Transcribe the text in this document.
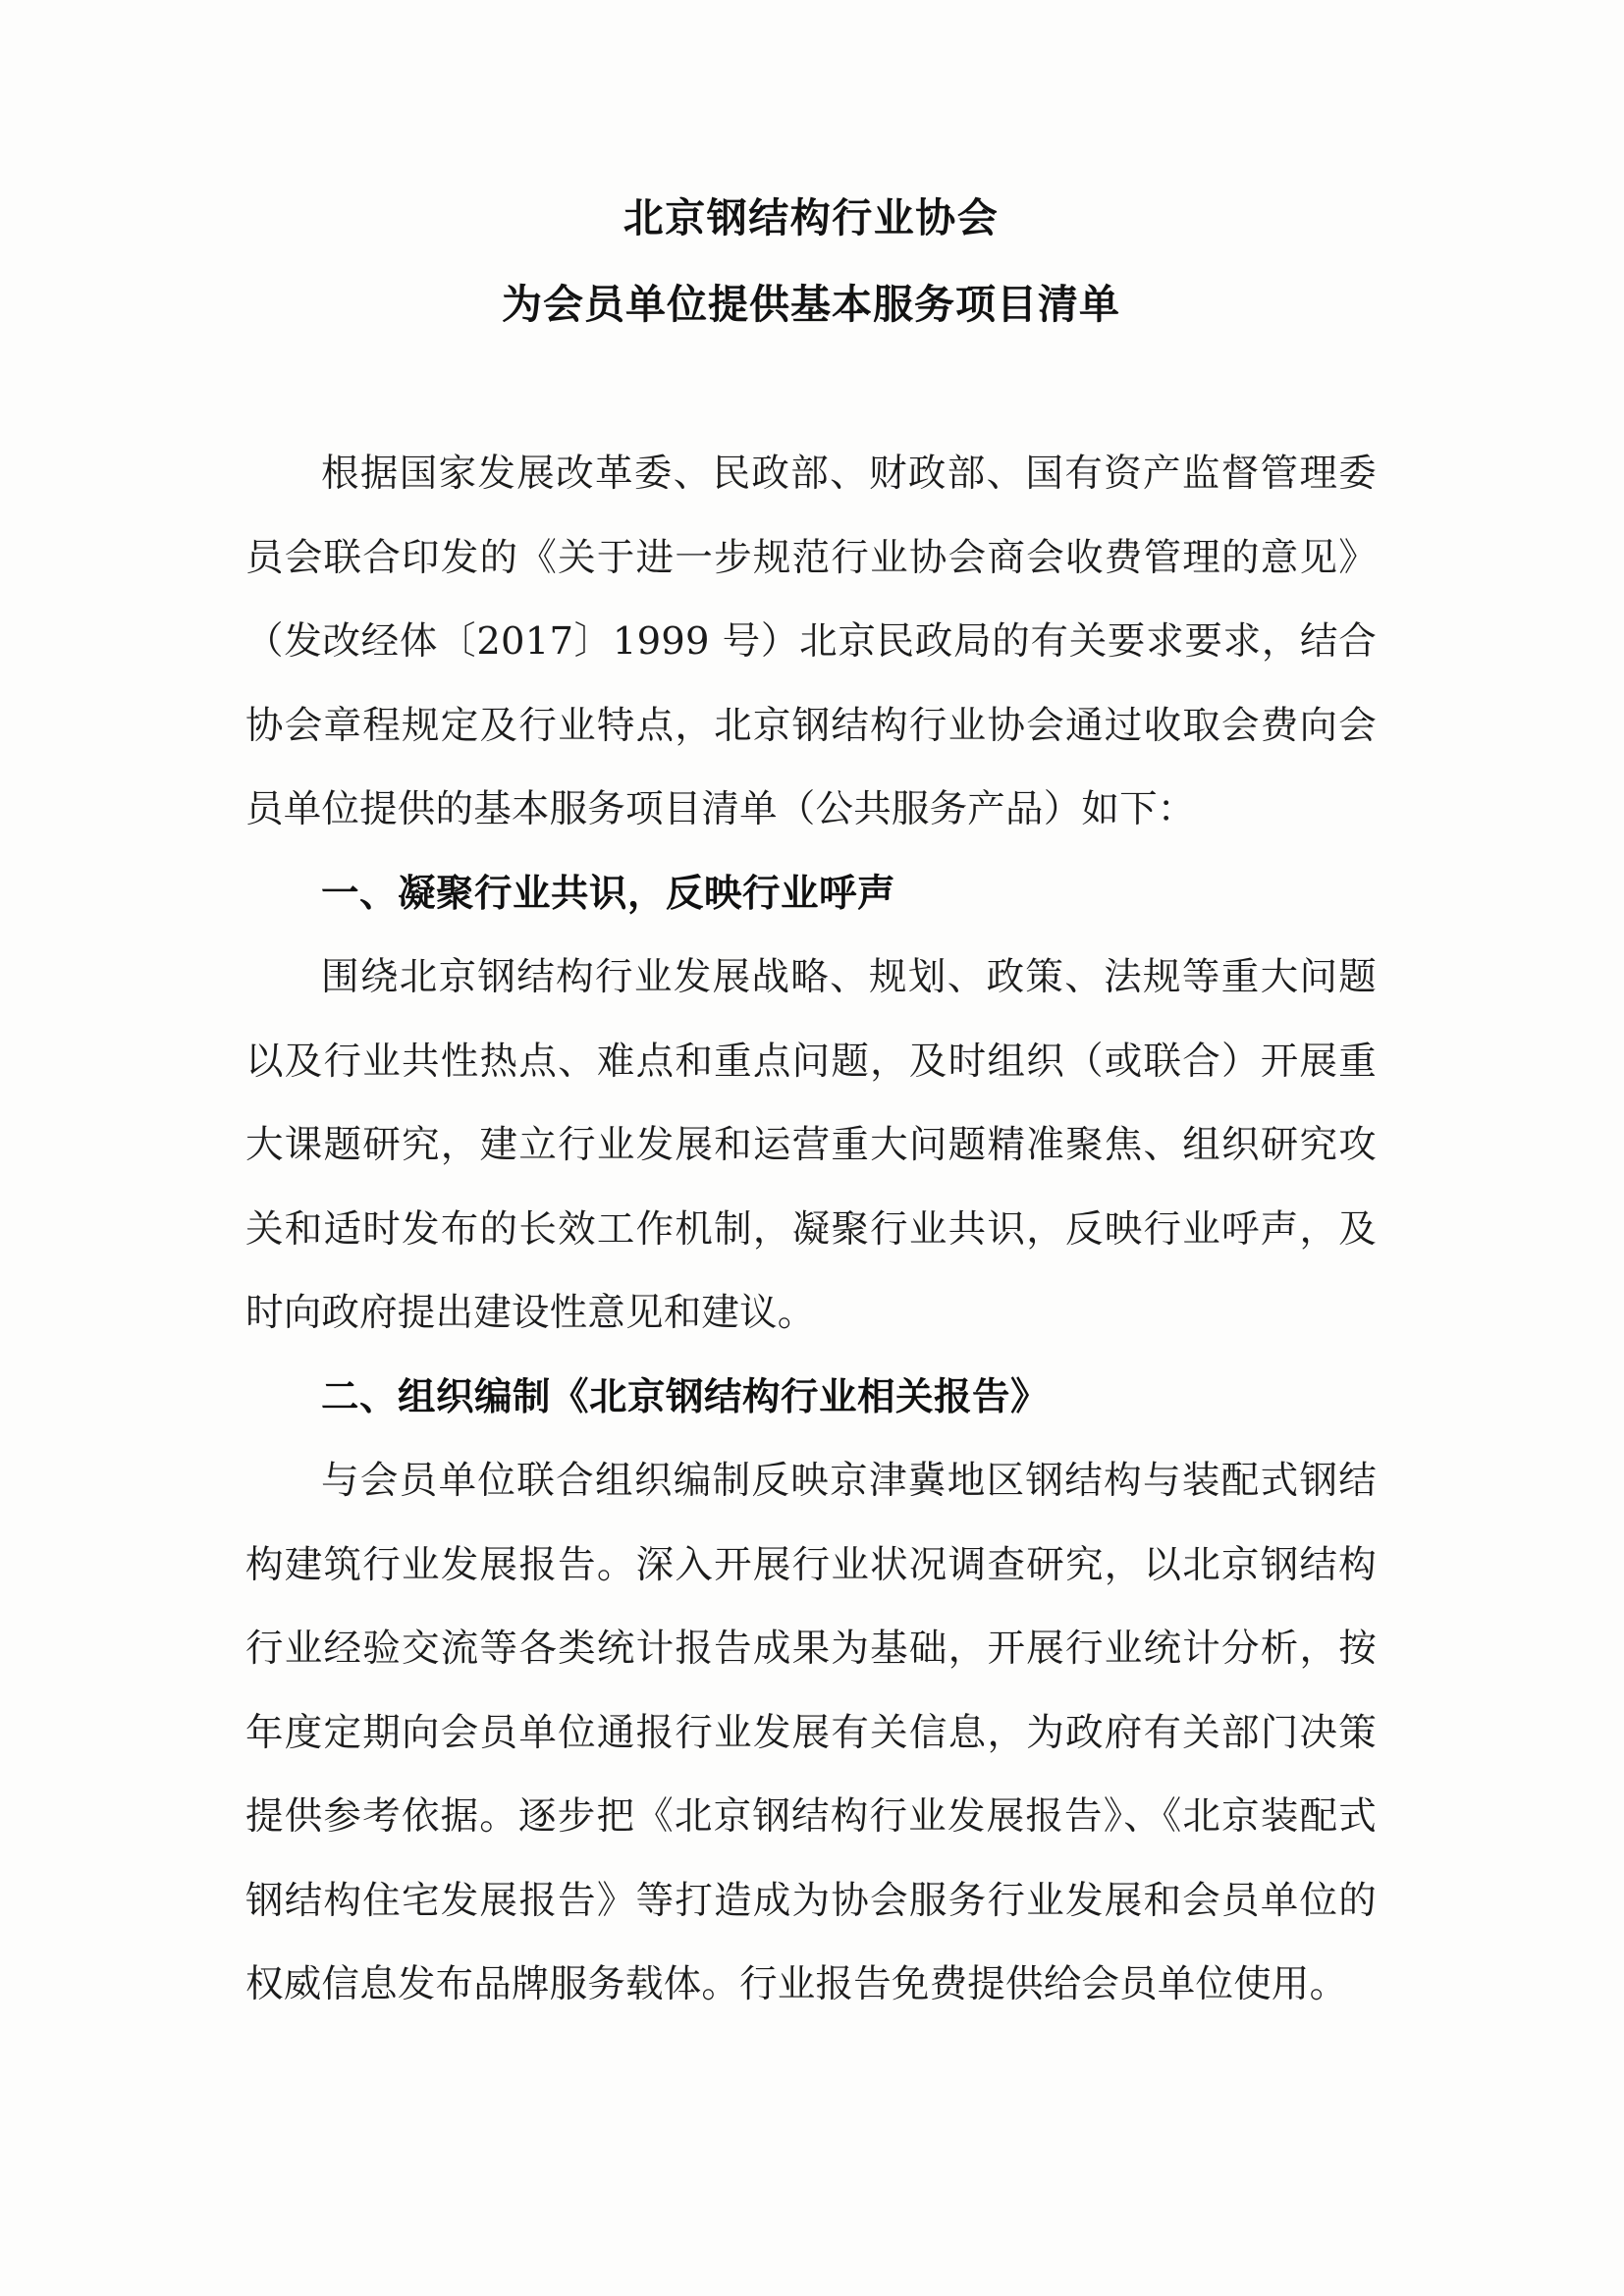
北京钢结构行业协会
为会员单位提供基本服务项目清单

根据国家发展改革委、民政部、财政部、国有资产监督管理委员会联合印发的《关于进一步规范行业协会商会收费管理的意见》（发改经体〔2017〕1999 号）北京民政局的有关要求要求，结合协会章程规定及行业特点，北京钢结构行业协会通过收取会费向会员单位提供的基本服务项目清单（公共服务产品）如下：

一、凝聚行业共识，反映行业呼声

围绕北京钢结构行业发展战略、规划、政策、法规等重大问题以及行业共性热点、难点和重点问题，及时组织（或联合）开展重大课题研究，建立行业发展和运营重大问题精准聚焦、组织研究攻关和适时发布的长效工作机制，凝聚行业共识，反映行业呼声，及时向政府提出建设性意见和建议。

二、组织编制《北京钢结构行业相关报告》

与会员单位联合组织编制反映京津冀地区钢结构与装配式钢结构建筑行业发展报告。深入开展行业状况调查研究，以北京钢结构行业经验交流等各类统计报告成果为基础，开展行业统计分析，按年度定期向会员单位通报行业发展有关信息，为政府有关部门决策提供参考依据。逐步把《北京钢结构行业发展报告》、《北京装配式钢结构住宅发展报告》等打造成为协会服务行业发展和会员单位的权威信息发布品牌服务载体。行业报告免费提供给会员单位使用。
